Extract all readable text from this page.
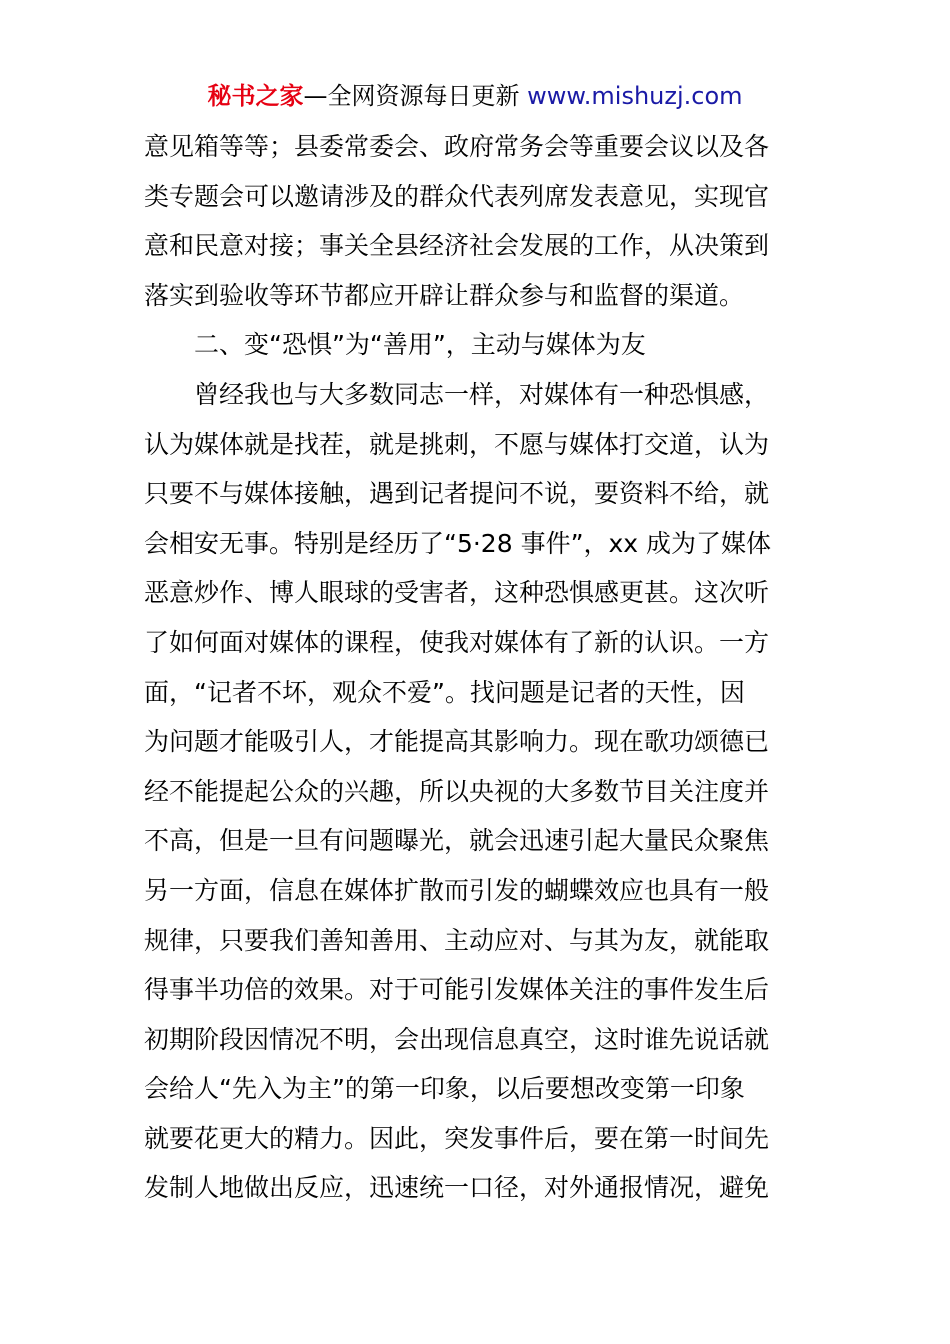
秘书之家—全网资源每日更新 www.mishuzj.com
意见箱等等；县委常委会、政府常务会等重要会议以及各
类专题会可以邀请涉及的群众代表列席发表意见，实现官
意和民意对接；事关全县经济社会发展的工作，从决策到
落实到验收等环节都应开辟让群众参与和监督的渠道。
二、变“恐惧”为“善用”，主动与媒体为友
曾经我也与大多数同志一样，对媒体有一种恐惧感，
认为媒体就是找茬，就是挑刺，不愿与媒体打交道，认为
只要不与媒体接触，遇到记者提问不说，要资料不给，就
会相安无事。特别是经历了“5·28 事件”，xx 成为了媒体
恶意炒作、博人眼球的受害者，这种恐惧感更甚。这次听
了如何面对媒体的课程，使我对媒体有了新的认识。一方
面，“记者不坏，观众不爱”。找问题是记者的天性，因
为问题才能吸引人，才能提高其影响力。现在歌功颂德已
经不能提起公众的兴趣，所以央视的大多数节目关注度并
不高，但是一旦有问题曝光，就会迅速引起大量民众聚焦
另一方面，信息在媒体扩散而引发的蝴蝶效应也具有一般
规律，只要我们善知善用、主动应对、与其为友，就能取
得事半功倍的效果。对于可能引发媒体关注的事件发生后
初期阶段因情况不明，会出现信息真空，这时谁先说话就
会给人“先入为主”的第一印象，以后要想改变第一印象
就要花更大的精力。因此，突发事件后，要在第一时间先
发制人地做出反应，迅速统一口径，对外通报情况，避免
